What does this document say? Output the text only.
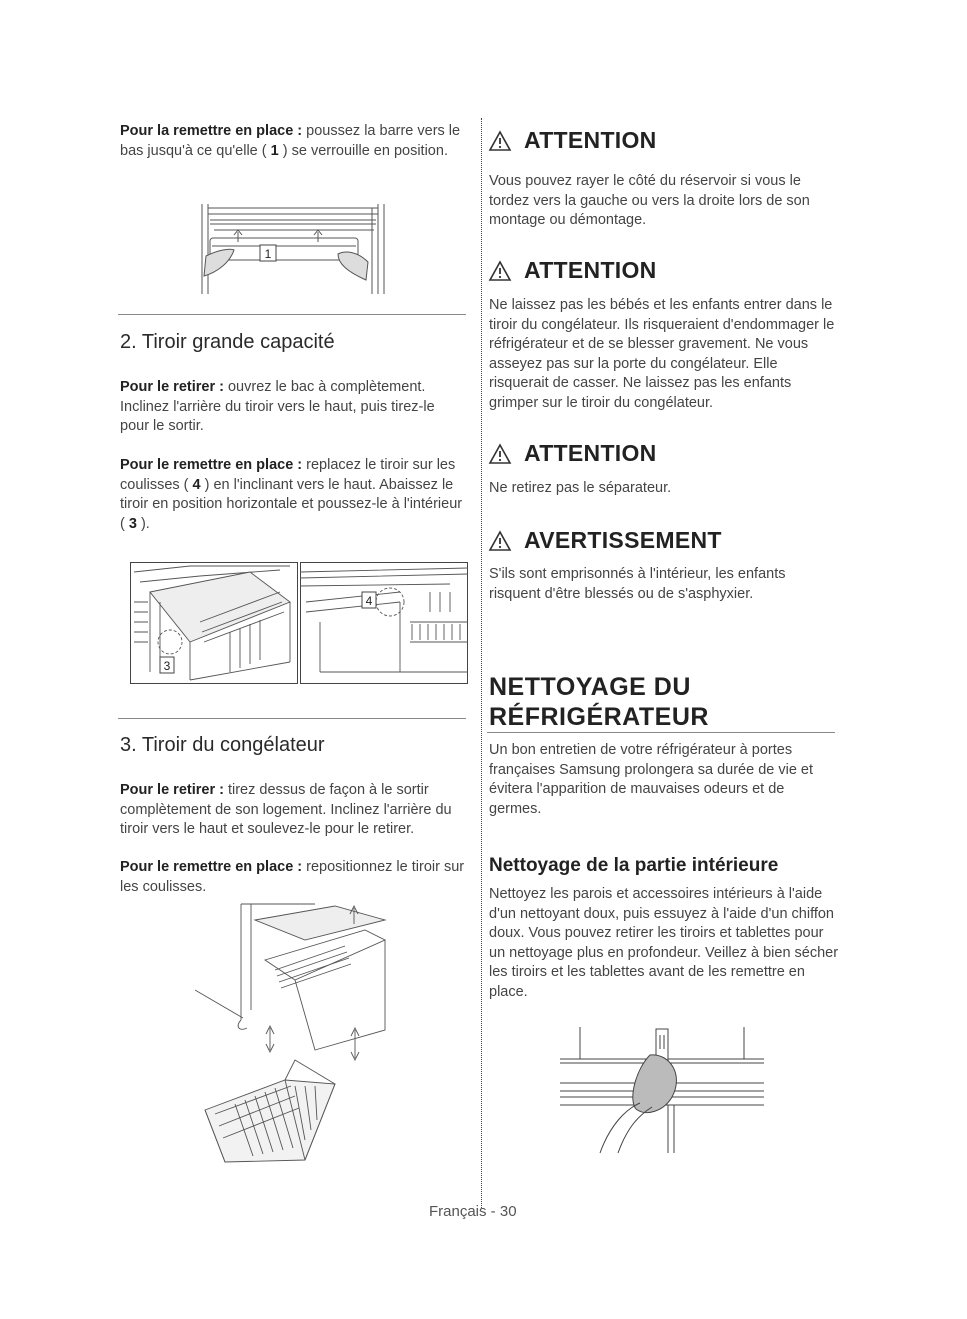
Pour la remettre en place : poussez la barre vers le bas jusqu'à ce qu'elle ( 1 ) se verrouille en position.

1
2. Tiroir grande capacité

Pour le retirer : ouvrez le bac à complètement. Inclinez l'arrière du tiroir vers le haut, puis tirez-le pour le sortir.

Pour le remettre en place : replacez le tiroir sur les coulisses ( 4 ) en l'inclinant vers le haut. Abaissez le tiroir en position horizontale et poussez-le à l'intérieur ( 3 ).

3
4
3. Tiroir du congélateur

Pour le retirer : tirez dessus de façon à le sortir complètement de son logement. Inclinez l'arrière du tiroir vers le haut et soulevez-le pour le retirer.

Pour le remettre en place : repositionnez le tiroir sur les coulisses.

ATTENTION

Vous pouvez rayer le côté du réservoir si vous le tordez vers la gauche ou vers la droite lors de son montage ou démontage.

ATTENTION

Ne laissez pas les bébés et les enfants entrer dans le tiroir du congélateur. Ils risqueraient d'endommager le réfrigérateur et de se blesser gravement. Ne vous asseyez pas sur la porte du congélateur. Elle risquerait de casser. Ne laissez pas les enfants grimper sur le tiroir du congélateur.

ATTENTION

Ne retirez pas le séparateur.

AVERTISSEMENT

S'ils sont emprisonnés à l'intérieur, les enfants risquent d'être blessés ou de s'asphyxier.

NETTOYAGE DU
RÉFRIGÉRATEUR

Un bon entretien de votre réfrigérateur à portes françaises Samsung prolongera sa durée de vie et évitera l'apparition de mauvaises odeurs et de germes.

Nettoyage de la partie intérieure

Nettoyez les parois et accessoires intérieurs à l'aide d'un nettoyant doux, puis essuyez à l'aide d'un chiffon doux. Vous pouvez retirer les tiroirs et tablettes pour un nettoyage plus en profondeur. Veillez à bien sécher les tiroirs et les tablettes avant de les remettre en place.

Français - 30
